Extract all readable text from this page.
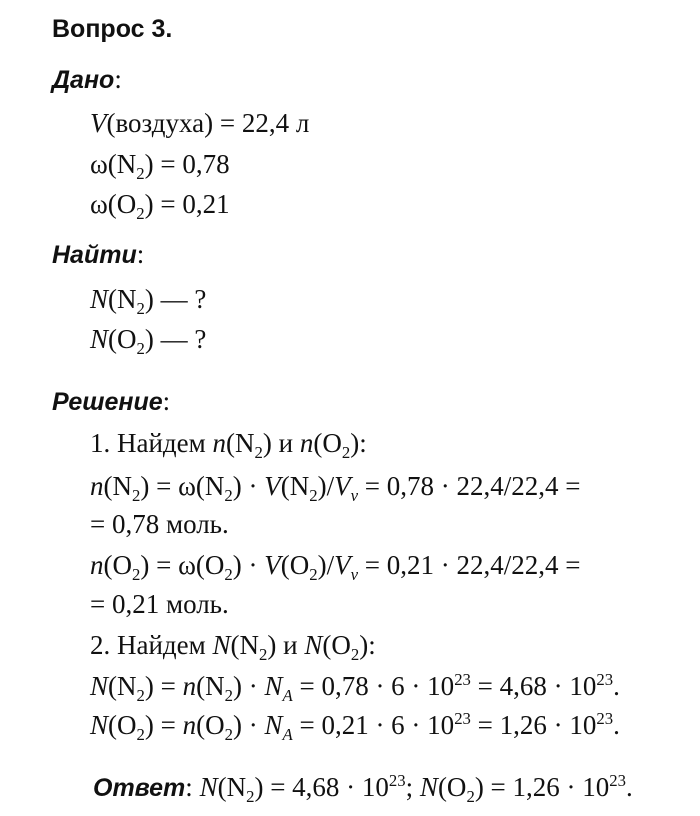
Вопрос 3.
Дано:
V(воздуха) = 22,4 л
$\omega(N_2) = 0,78$
$\omega(O_2) = 0,21$
Найти:
$N(N_2)$ — ?
$N(O_2)$ — ?
Решение:
1. Найдем $n(N_2)$ и $n(O_2)$:
$n(N_2) = \omega(N_2) \cdot V(N_2)/V_v = 0,78 \cdot 22,4/22,4$ =
= 0,78 моль.
$n(O_2) = \omega(O_2) \cdot V(O_2)/V_v = 0,21 \cdot 22,4/22,4$ =
= 0,21 моль.
2. Найдем $N(N_2)$ и $N(O_2)$:
$N(N_2) = n(N_2) \cdot N_A = 0,78 \cdot 6 \cdot 10^{23} = 4,68 \cdot 10^{23}$.
$N(O_2) = n(O_2) \cdot N_A = 0,21 \cdot 6 \cdot 10^{23} = 1,26 \cdot 10^{23}$.
Ответ: $N(N_2) = 4,68 \cdot 10^{23}$; $N(O_2) = 1,26 \cdot 10^{23}$.
